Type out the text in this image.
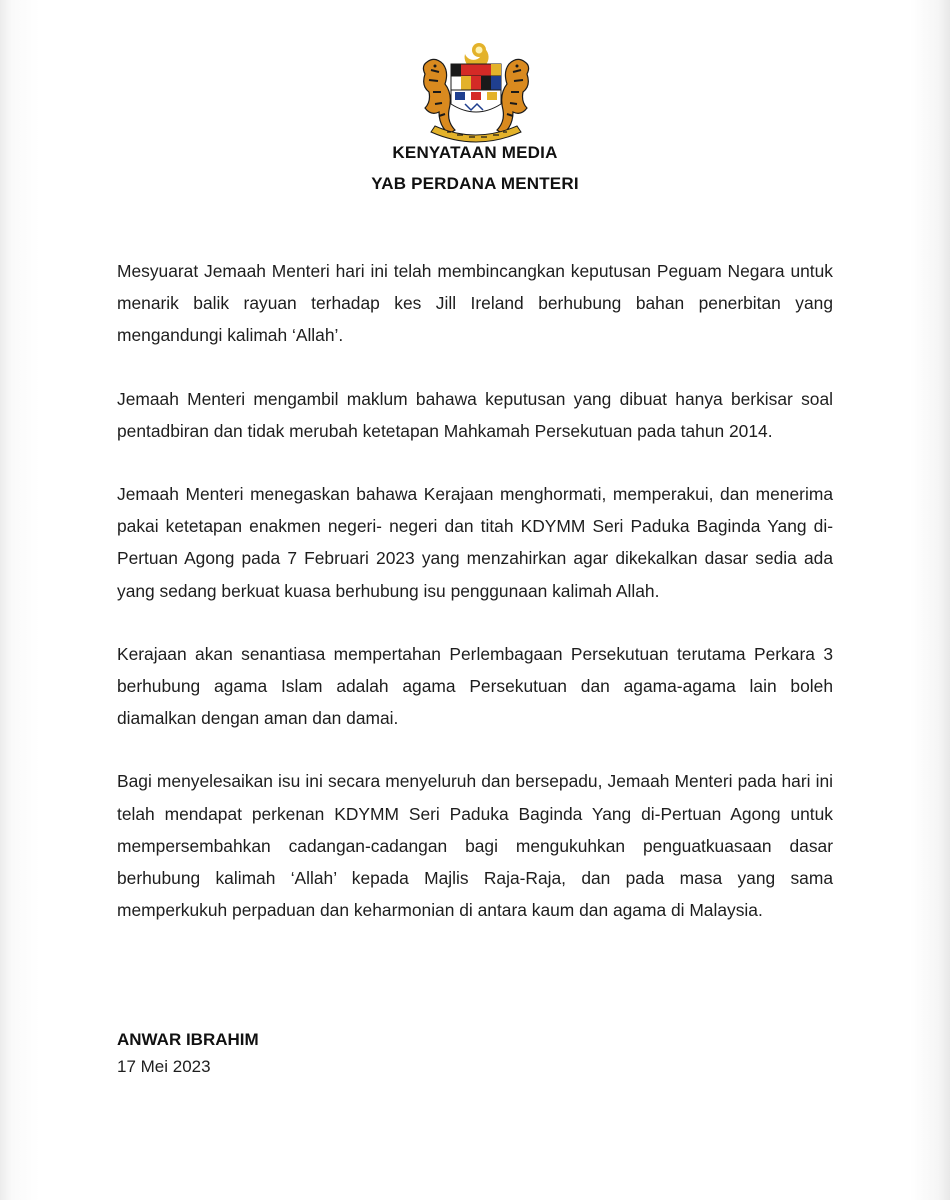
KENYATAAN MEDIA
YAB PERDANA MENTERI

Mesyuarat Jemaah Menteri hari ini telah membincangkan keputusan Peguam Negara untuk menarik balik rayuan terhadap kes Jill Ireland berhubung bahan penerbitan yang mengandungi kalimah ‘Allah’.

Jemaah Menteri mengambil maklum bahawa keputusan yang dibuat hanya berkisar soal pentadbiran dan tidak merubah ketetapan Mahkamah Persekutuan pada tahun 2014.

Jemaah Menteri menegaskan bahawa Kerajaan menghormati, memperakui, dan menerima pakai ketetapan enakmen negeri- negeri dan titah KDYMM Seri Paduka Baginda Yang di-Pertuan Agong pada 7 Februari 2023 yang menzahirkan agar dikekalkan dasar sedia ada yang sedang berkuat kuasa berhubung isu penggunaan kalimah Allah.

Kerajaan akan senantiasa mempertahan Perlembagaan Persekutuan terutama Perkara 3 berhubung agama Islam adalah agama Persekutuan dan agama-agama lain boleh diamalkan dengan aman dan damai.

Bagi menyelesaikan isu ini secara menyeluruh dan bersepadu, Jemaah Menteri pada hari ini telah mendapat perkenan KDYMM Seri Paduka Baginda Yang di-Pertuan Agong untuk mempersembahkan cadangan-cadangan bagi mengukuhkan penguatkuasaan dasar berhubung kalimah ‘Allah’ kepada Majlis Raja-Raja, dan pada masa yang sama memperkukuh perpaduan dan keharmonian di antara kaum dan agama di Malaysia.

ANWAR IBRAHIM
17 Mei 2023
